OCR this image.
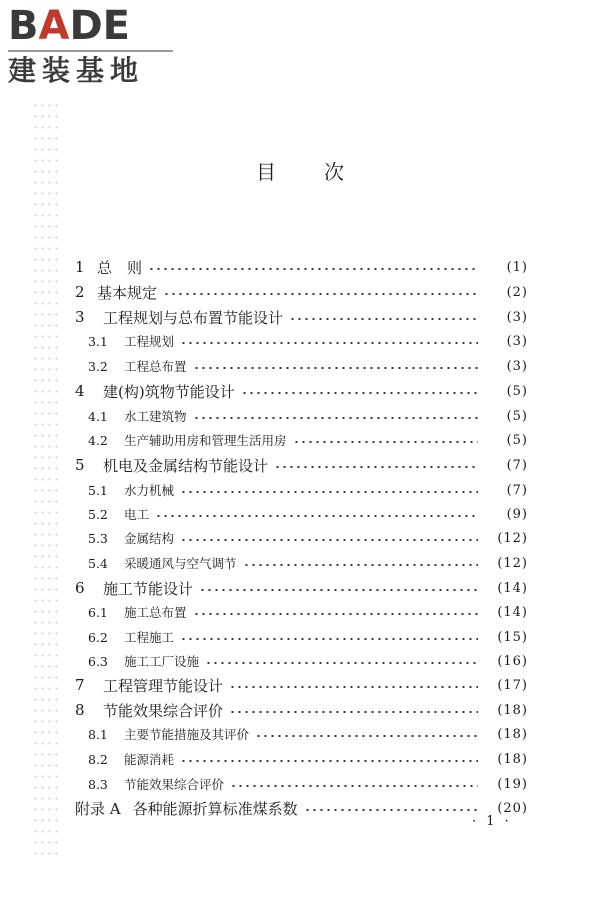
BADE
建装基地
目次
1 总　则	(1)
2 基本规定	(2)
3	工程规划与总布置节能设计	(3)
3.1	工程规划	(3)
3.2	工程总布置	(3)
4	建(构)筑物节能设计	(5)
4.1	水工建筑物	(5)
4.2	生产辅助用房和管理生活用房	(5)
5	机电及金属结构节能设计	(7)
5.1	水力机械	(7)
5.2	电工	(9)
5.3	金属结构	(12)
5.4	采暖通风与空气调节	(12)
6	施工节能设计	(14)
6.1	施工总布置	(14)
6.2	工程施工	(15)
6.3	施工工厂设施	(16)
7	工程管理节能设计	(17)
8	节能效果综合评价	(18)
8.1	主要节能措施及其评价	(18)
8.2	能源消耗	(18)
8.3	节能效果综合评价	(19)
附录 A 各种能源折算标准煤系数	(20)
· 1 ·
